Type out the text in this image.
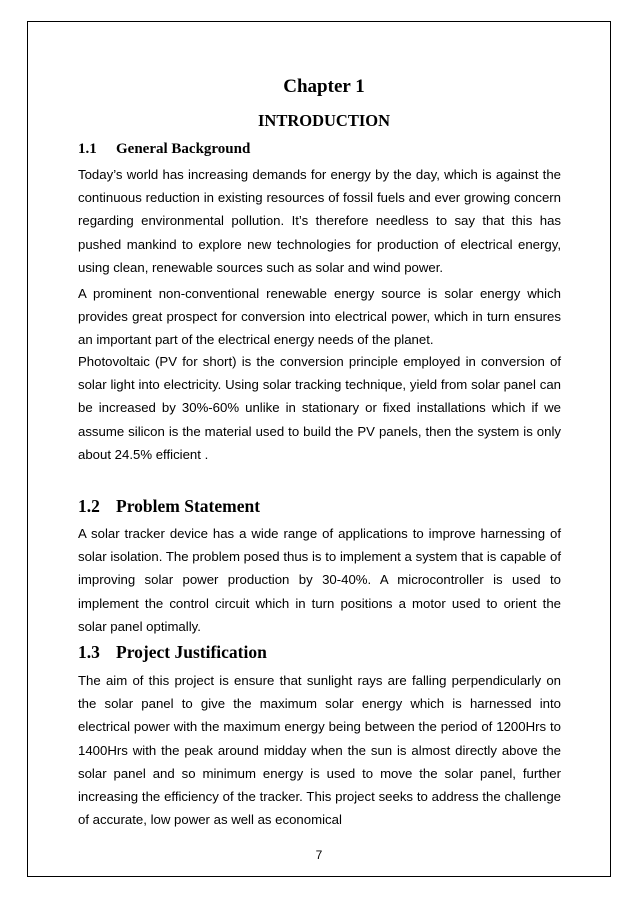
Chapter 1
INTRODUCTION
1.1 General Background

Today’s world has increasing demands for energy by the day, which is against the continuous reduction in existing resources of fossil fuels and ever growing concern regarding environmental pollution. It’s therefore needless to say that this has pushed mankind to explore new technologies for production of electrical energy, using clean, renewable sources such as solar and wind power.

A prominent non-conventional renewable energy source is solar energy which provides great prospect for conversion into electrical power, which in turn ensures an important part of the electrical energy needs of the planet.

Photovoltaic (PV for short) is the conversion principle employed in conversion of solar light into electricity. Using solar tracking technique, yield from solar panel can be increased by 30%-60% unlike in stationary or fixed installations which if we assume silicon is the material used to build the PV panels, then the system is only about 24.5% efficient .

1.2 Problem Statement

A solar tracker device has a wide range of applications to improve harnessing of solar isolation. The problem posed thus is to implement a system that is capable of improving solar power production by 30-40%. A microcontroller is used to implement the control circuit which in turn positions a motor used to orient the solar panel optimally.

1.3 Project Justification

The aim of this project is ensure that sunlight rays are falling perpendicularly on the solar panel to give the maximum solar energy which is harnessed into electrical power with the maximum energy being between the period of 1200Hrs to 1400Hrs with the peak around midday when the sun is almost directly above the solar panel and so minimum energy is used to move the solar panel, further increasing the efficiency of the tracker. This project seeks to address the challenge of accurate, low power as well as economical

7
